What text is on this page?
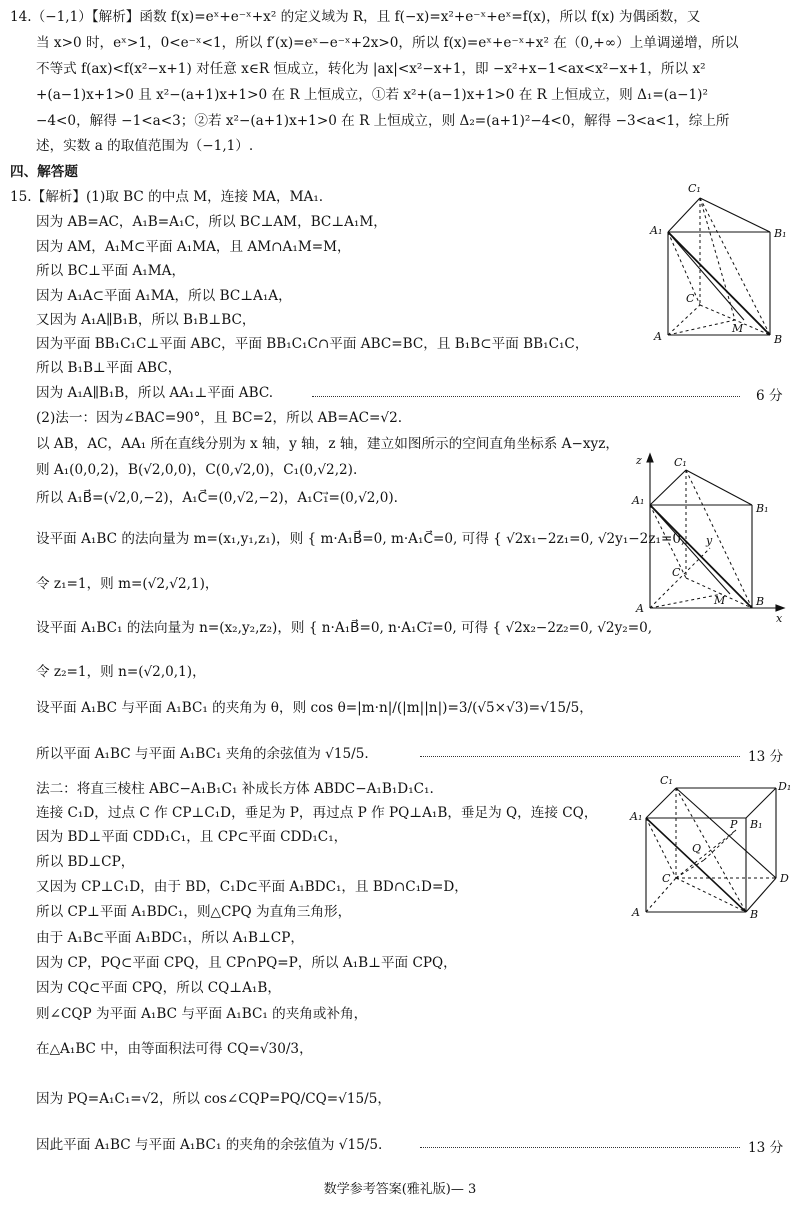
14.（−1,1）【解析】函数 f(x)=eˣ+e⁻ˣ+x² 的定义域为 R，且 f(−x)=x²+e⁻ˣ+eˣ=f(x)，所以 f(x) 为偶函数，又
当 x>0 时，eˣ>1，0<e⁻ˣ<1，所以 f′(x)=eˣ−e⁻ˣ+2x>0，所以 f(x)=eˣ+e⁻ˣ+x² 在（0,+∞）上单调递增，所以
不等式 f(ax)<f(x²−x+1) 对任意 x∈R 恒成立，转化为 |ax|<x²−x+1，即 −x²+x−1<ax<x²−x+1，所以 x²
+(a−1)x+1>0 且 x²−(a+1)x+1>0 在 R 上恒成立，①若 x²+(a−1)x+1>0 在 R 上恒成立，则 Δ₁=(a−1)²
−4<0，解得 −1<a<3；②若 x²−(a+1)x+1>0 在 R 上恒成立，则 Δ₂=(a+1)²−4<0，解得 −3<a<1，综上所
述，实数 a 的取值范围为（−1,1）.
四、解答题
15.【解析】(1)取 BC 的中点 M，连接 MA，MA₁.
因为 AB=AC，A₁B=A₁C，所以 BC⊥AM，BC⊥A₁M，
因为 AM，A₁M⊂平面 A₁MA，且 AM∩A₁M=M，
所以 BC⊥平面 A₁MA，
因为 A₁A⊂平面 A₁MA，所以 BC⊥A₁A，
又因为 A₁A∥B₁B，所以 B₁B⊥BC，
因为平面 BB₁C₁C⊥平面 ABC，平面 BB₁C₁C∩平面 ABC=BC，且 B₁B⊂平面 BB₁C₁C，
所以 B₁B⊥平面 ABC，
因为 A₁A∥B₁B，所以 AA₁⊥平面 ABC.	6 分
C₁
A₁	B₁
C
M
A	B
(2)法一：因为∠BAC=90°，且 BC=2，所以 AB=AC=√2.
以 AB，AC，AA₁ 所在直线分别为 x 轴，y 轴，z 轴，建立如图所示的空间直角坐标系 A−xyz，
则 A₁(0,0,2)，B(√2,0,0)，C(0,√2,0)，C₁(0,√2,2).
所以 A₁B⃗=(√2,0,−2)，A₁C⃗=(0,√2,−2)，A₁C₁⃗=(0,√2,0).
设平面 A₁BC 的法向量为 m=(x₁,y₁,z₁)，则 { m·A₁B⃗=0, m·A₁C⃗=0, 可得 { √2x₁−2z₁=0, √2y₁−2z₁=0,
令 z₁=1，则 m=(√2,√2,1)，
设平面 A₁BC₁ 的法向量为 n=(x₂,y₂,z₂)，则 { n·A₁B⃗=0, n·A₁C₁⃗=0, 可得 { √2x₂−2z₂=0, √2y₂=0,
令 z₂=1，则 n=(√2,0,1)，
设平面 A₁BC 与平面 A₁BC₁ 的夹角为 θ，则 cos θ=|m·n|/(|m||n|)=3/(√5×√3)=√15/5，
所以平面 A₁BC 与平面 A₁BC₁ 夹角的余弦值为 √15/5.	13 分
z	C₁
A₁
B₁
y
C
M
A
B
x
法二：将直三棱柱 ABC−A₁B₁C₁ 补成长方体 ABDC−A₁B₁D₁C₁.
连接 C₁D，过点 C 作 CP⊥C₁D，垂足为 P，再过点 P 作 PQ⊥A₁B，垂足为 Q，连接 CQ，
因为 BD⊥平面 CDD₁C₁，且 CP⊂平面 CDD₁C₁，
所以 BD⊥CP，
又因为 CP⊥C₁D，由于 BD，C₁D⊂平面 A₁BDC₁，且 BD∩C₁D=D，
所以 CP⊥平面 A₁BDC₁，则△CPQ 为直角三角形，
由于 A₁B⊂平面 A₁BDC₁，所以 A₁B⊥CP，
因为 CP，PQ⊂平面 CPQ，且 CP∩PQ=P，所以 A₁B⊥平面 CPQ，
因为 CQ⊂平面 CPQ，所以 CQ⊥A₁B，
则∠CQP 为平面 A₁BC 与平面 A₁BC₁ 的夹角或补角，
在△A₁BC 中，由等面积法可得 CQ=√30/3，
因为 PQ=A₁C₁=√2，所以 cos∠CQP=PQ/CQ=√15/5，
因此平面 A₁BC 与平面 A₁BC₁ 的夹角的余弦值为 √15/5.	13 分
C₁	D₁
A₁
B₁
P
Q
C	D
A	B
数学参考答案(雅礼版)— 3
